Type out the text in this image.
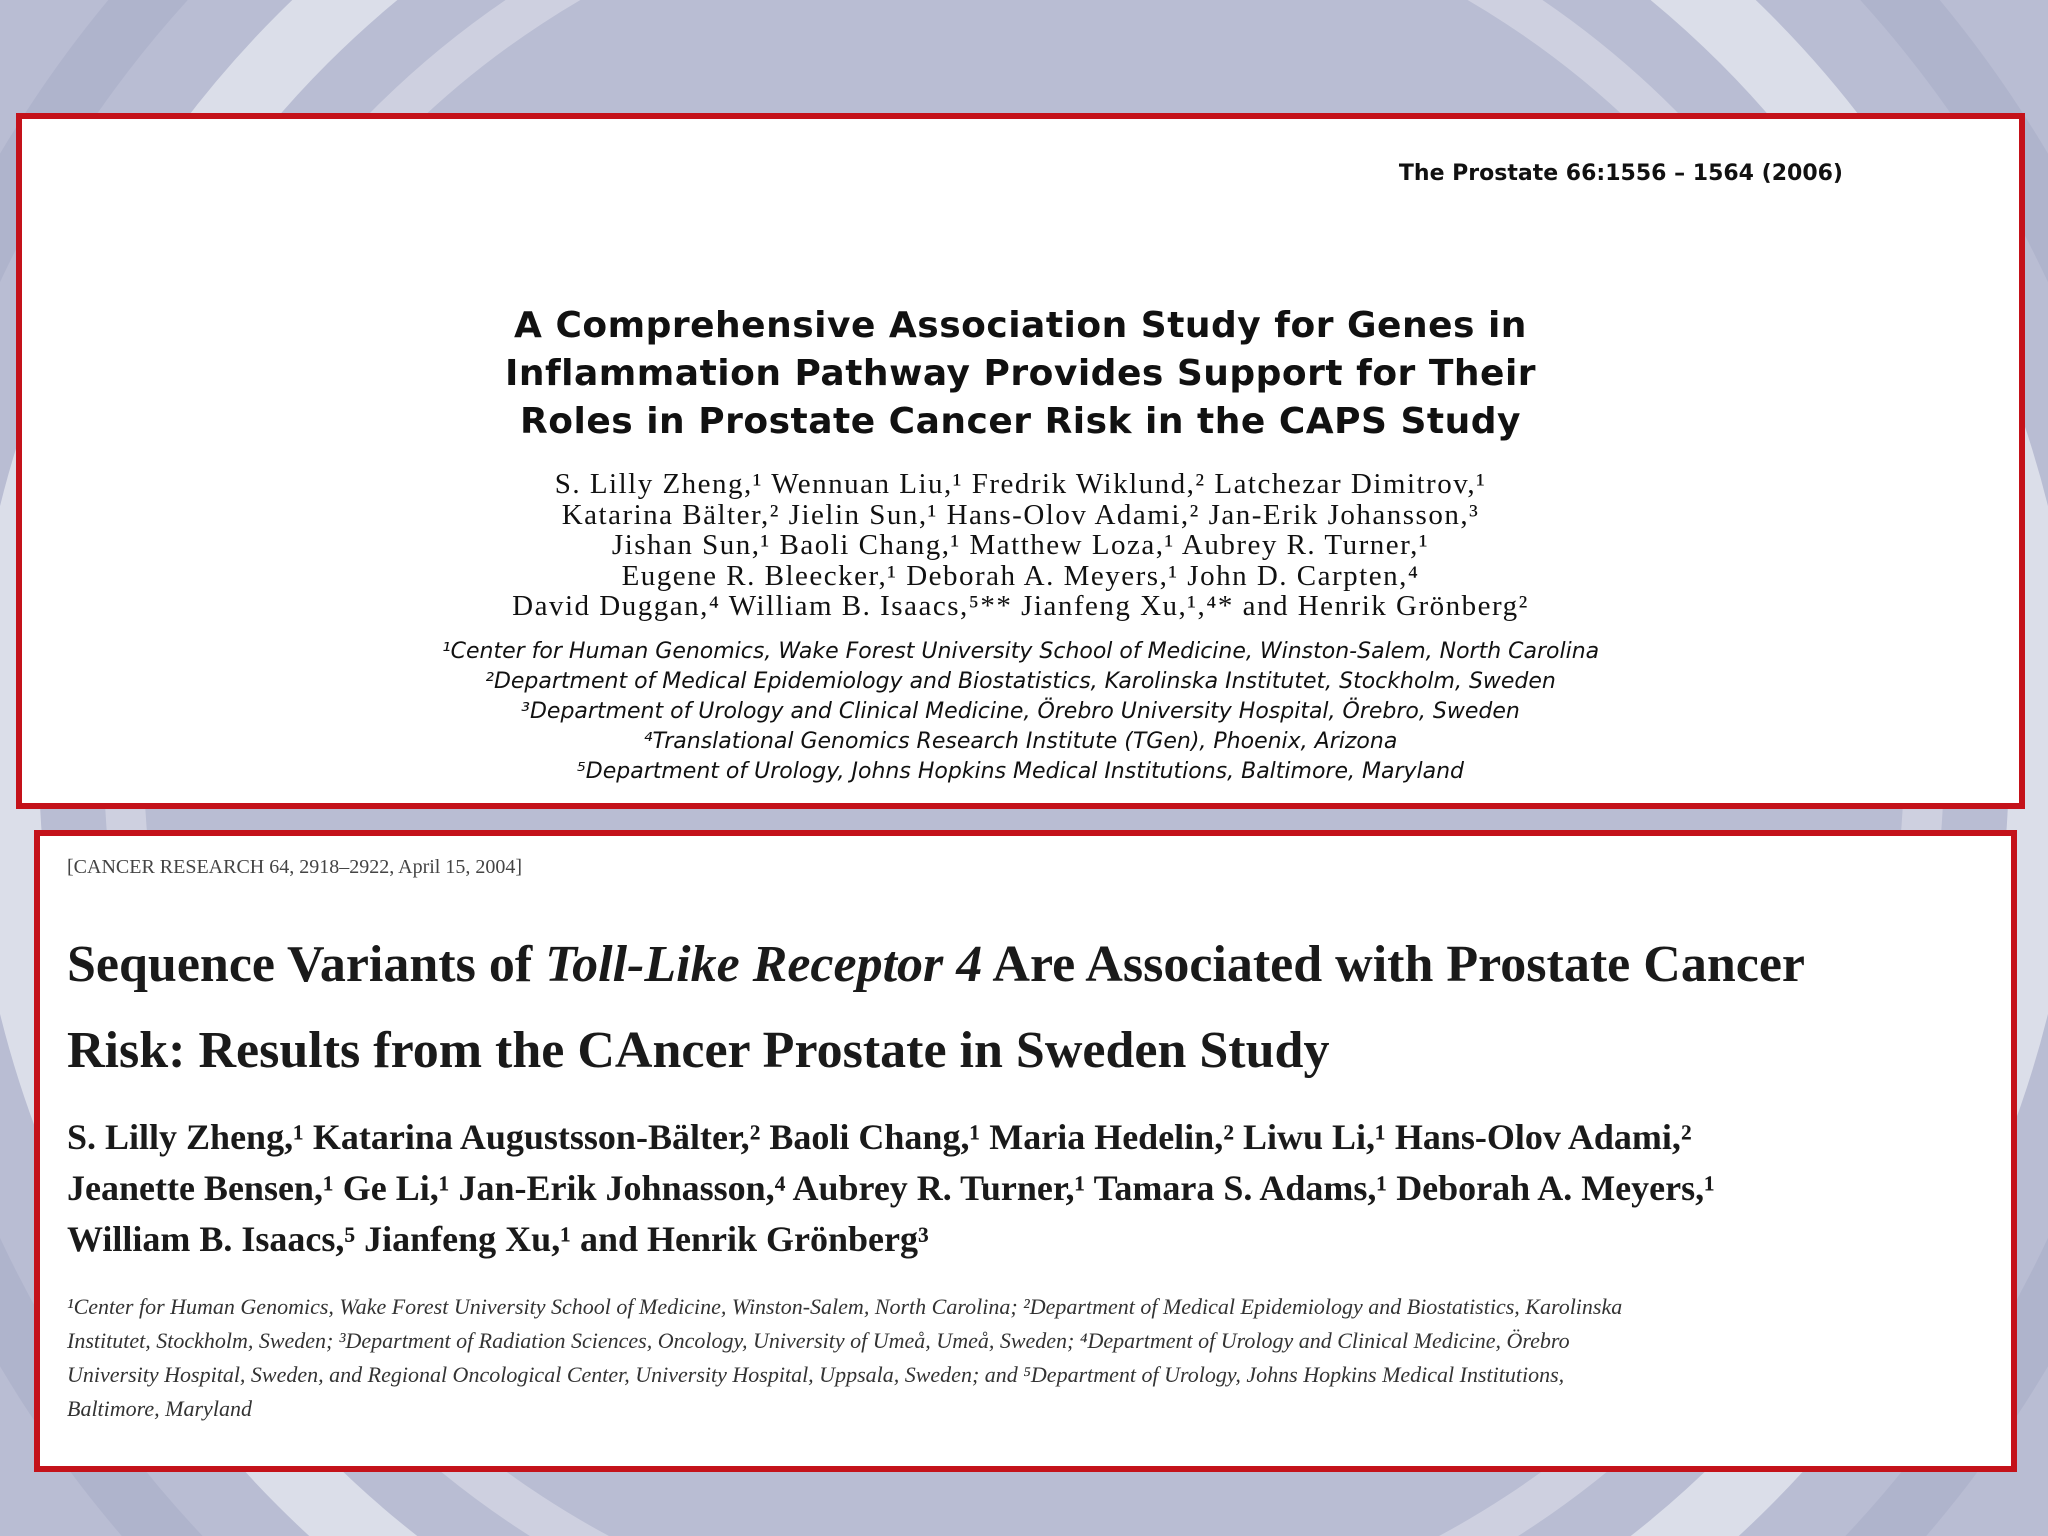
The Prostate 66:1556 – 1564 (2006)

A Comprehensive Association Study for Genes in
Inflammation Pathway Provides Support for Their
Roles in Prostate Cancer Risk in the CAPS Study

S. Lilly Zheng,¹ Wennuan Liu,¹ Fredrik Wiklund,² Latchezar Dimitrov,¹
Katarina Bälter,² Jielin Sun,¹ Hans-Olov Adami,² Jan-Erik Johansson,³
Jishan Sun,¹ Baoli Chang,¹ Matthew Loza,¹ Aubrey R. Turner,¹
Eugene R. Bleecker,¹ Deborah A. Meyers,¹ John D. Carpten,⁴
David Duggan,⁴ William B. Isaacs,⁵** Jianfeng Xu,¹,⁴* and Henrik Grönberg²

¹Center for Human Genomics, Wake Forest University School of Medicine, Winston-Salem, North Carolina
²Department of Medical Epidemiology and Biostatistics, Karolinska Institutet, Stockholm, Sweden
³Department of Urology and Clinical Medicine, Örebro University Hospital, Örebro, Sweden
⁴Translational Genomics Research Institute (TGen), Phoenix, Arizona
⁵Department of Urology, Johns Hopkins Medical Institutions, Baltimore, Maryland

[CANCER RESEARCH 64, 2918–2922, April 15, 2004]

Sequence Variants of Toll-Like Receptor 4 Are Associated with Prostate Cancer
Risk: Results from the CAncer Prostate in Sweden Study

S. Lilly Zheng,¹ Katarina Augustsson-Bälter,² Baoli Chang,¹ Maria Hedelin,² Liwu Li,¹ Hans-Olov Adami,²
Jeanette Bensen,¹ Ge Li,¹ Jan-Erik Johnasson,⁴ Aubrey R. Turner,¹ Tamara S. Adams,¹ Deborah A. Meyers,¹
William B. Isaacs,⁵ Jianfeng Xu,¹ and Henrik Grönberg³

¹Center for Human Genomics, Wake Forest University School of Medicine, Winston-Salem, North Carolina; ²Department of Medical Epidemiology and Biostatistics, Karolinska
Institutet, Stockholm, Sweden; ³Department of Radiation Sciences, Oncology, University of Umeå, Umeå, Sweden; ⁴Department of Urology and Clinical Medicine, Örebro
University Hospital, Sweden, and Regional Oncological Center, University Hospital, Uppsala, Sweden; and ⁵Department of Urology, Johns Hopkins Medical Institutions,
Baltimore, Maryland
